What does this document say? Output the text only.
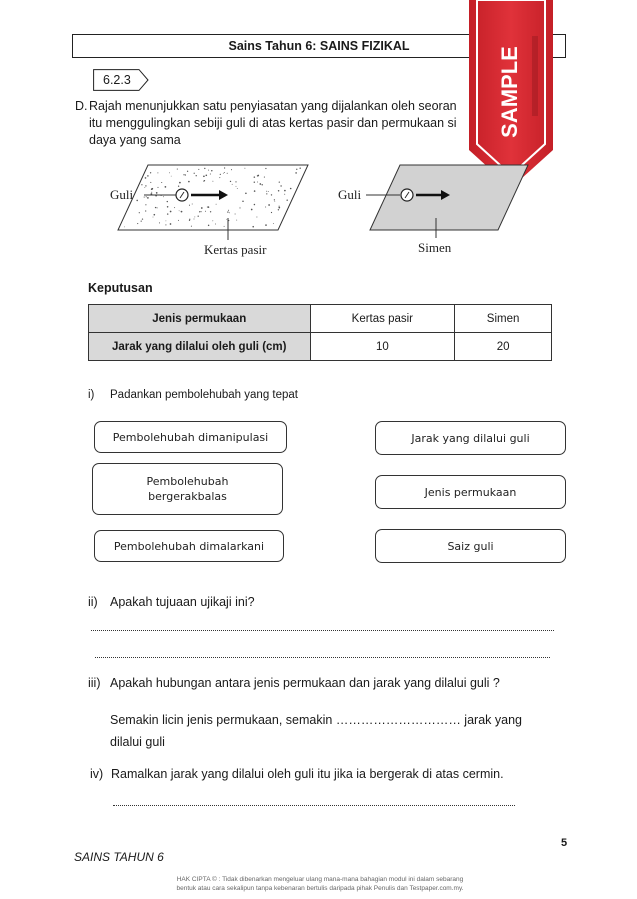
Sains Tahun 6: SAINS FIZIKAL
6.2.3
D. Rajah menunjukkan satu penyiasatan yang dijalankan oleh seoran
itu menggulingkan sebiji guli di atas kertas pasir dan permukaan si
daya yang sama
SAMPLE
Guli
Kertas pasir
Guli
Simen
Keputusan
Jenis permukaan	Kertas pasir	Simen
Jarak yang dilalui oleh guli (cm)	10	20
i) Padankan pembolehubah yang tepat
Pembolehubah dimanipulasi
Pembolehubah bergerakbalas
Pembolehubah dimalarkani
Jarak yang dilalui guli
Jenis permukaan
Saiz guli
ii) Apakah tujuaan ujikaji ini?
iii) Apakah hubungan antara jenis permukaan dan jarak yang dilalui guli ?
Semakin licin jenis permukaan, semakin ………………………… jarak yang
dilalui guli
iv) Ramalkan jarak yang dilalui oleh guli itu jika ia bergerak di atas cermin.
5
SAINS TAHUN 6
HAK CIPTA © : Tidak dibenarkan mengeluar ulang mana-mana bahagian modul ini dalam sebarang
bentuk atau cara sekalipun tanpa kebenaran bertulis daripada pihak Penulis dan Testpaper.com.my.
